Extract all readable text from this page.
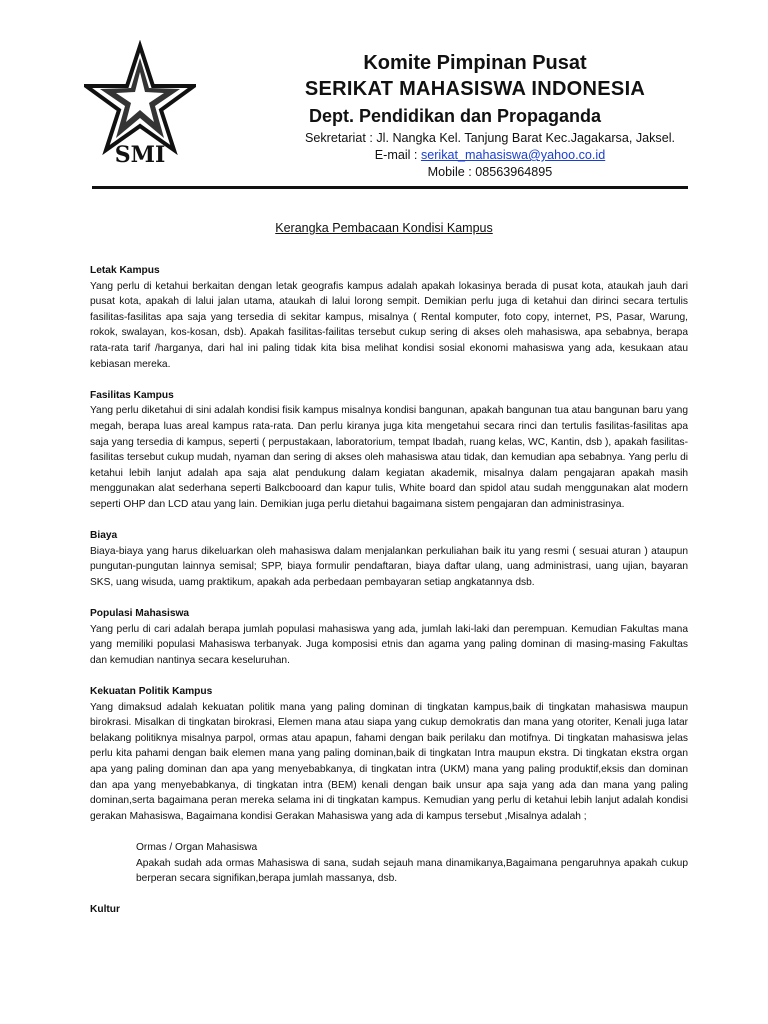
SMI
Komite Pimpinan Pusat
SERIKAT MAHASISWA INDONESIA
Dept. Pendidikan dan Propaganda
Sekretariat : Jl. Nangka Kel. Tanjung Barat Kec.Jagakarsa, Jaksel.
E-mail : serikat_mahasiswa@yahoo.co.id
Mobile : 08563964895
Kerangka Pembacaan Kondisi Kampus
Letak Kampus

Yang perlu di ketahui berkaitan dengan letak geografis kampus adalah apakah lokasinya berada di pusat kota, ataukah jauh dari pusat kota, apakah di lalui jalan utama, ataukah di lalui lorong sempit. Demikian perlu juga di ketahui dan dirinci secara tertulis fasilitas-fasilitas apa saja yang tersedia di sekitar kampus, misalnya ( Rental komputer, foto copy, internet, PS, Pasar, Warung, rokok, swalayan, kos-kosan, dsb). Apakah fasilitas-failitas tersebut cukup sering di akses oleh mahasiswa, apa sebabnya, berapa rata-rata tarif /harganya, dari hal ini paling tidak kita bisa melihat kondisi sosial ekonomi mahasiswa yang ada, kesukaan atau kebiasan mereka.

Fasilitas Kampus

Yang perlu diketahui di sini adalah kondisi fisik kampus misalnya kondisi bangunan, apakah bangunan tua atau bangunan baru yang megah, berapa luas areal kampus rata-rata. Dan perlu kiranya juga kita mengetahui secara rinci dan tertulis fasilitas-fasilitas apa saja yang tersedia di kampus, seperti ( perpustakaan, laboratorium, tempat Ibadah, ruang kelas, WC, Kantin, dsb ), apakah fasilitas-fasilitas tersebut cukup mudah, nyaman dan sering di akses oleh mahasiswa atau tidak, dan kemudian apa sebabnya. Yang perlu di ketahui lebih lanjut adalah apa saja alat pendukung dalam kegiatan akademik, misalnya dalam pengajaran apakah masih menggunakan alat sederhana seperti Balkcbooard dan kapur tulis, White board dan spidol atau sudah menggunakan alat modern seperti OHP dan LCD atau yang lain. Demikian juga perlu dietahui bagaimana sistem pengajaran dan administrasinya.

Biaya

Biaya-biaya yang harus dikeluarkan oleh mahasiswa dalam menjalankan perkuliahan baik itu yang resmi ( sesuai aturan ) ataupun pungutan-pungutan lainnya semisal; SPP, biaya formulir pendaftaran, biaya daftar ulang, uang administrasi, uang ujian, bayaran SKS, uang wisuda, uamg praktikum, apakah ada perbedaan pembayaran setiap angkatannya dsb.

Populasi Mahasiswa

Yang perlu di cari adalah berapa jumlah populasi mahasiswa yang ada, jumlah laki-laki dan perempuan. Kemudian Fakultas mana yang memiliki populasi Mahasiswa terbanyak. Juga komposisi etnis dan agama yang paling dominan di masing-masing Fakultas dan kemudian nantinya secara keseluruhan.

Kekuatan Politik Kampus

Yang dimaksud adalah kekuatan politik mana yang paling dominan di tingkatan kampus,baik di tingkatan mahasiswa maupun birokrasi. Misalkan di tingkatan birokrasi, Elemen mana atau siapa yang cukup demokratis dan mana yang otoriter, Kenali juga latar belakang politiknya misalnya parpol, ormas atau apapun, fahami dengan baik perilaku dan motifnya. Di tingkatan mahasiswa jelas perlu kita pahami dengan baik elemen mana yang paling dominan,baik di tingkatan Intra maupun ekstra. Di tingkatan ekstra organ apa yang paling dominan dan apa yang menyebabkanya, di tingkatan intra (UKM) mana yang paling produktif,eksis dan dominan dan apa yang menyebabkanya, di tingkatan intra (BEM) kenali dengan baik unsur apa saja yang ada dan mana yang paling dominan,serta bagaimana peran mereka selama ini di tingkatan kampus. Kemudian yang perlu di ketahui lebih lanjut adalah kondisi gerakan Mahasiswa, Bagaimana kondisi Gerakan Mahasiswa yang ada di kampus tersebut ,Misalnya adalah ;

Ormas / Organ Mahasiswa

Apakah sudah ada ormas Mahasiswa di sana, sudah sejauh mana dinamikanya,Bagaimana pengaruhnya apakah cukup berperan secara signifikan,berapa jumlah massanya, dsb.

Kultur
